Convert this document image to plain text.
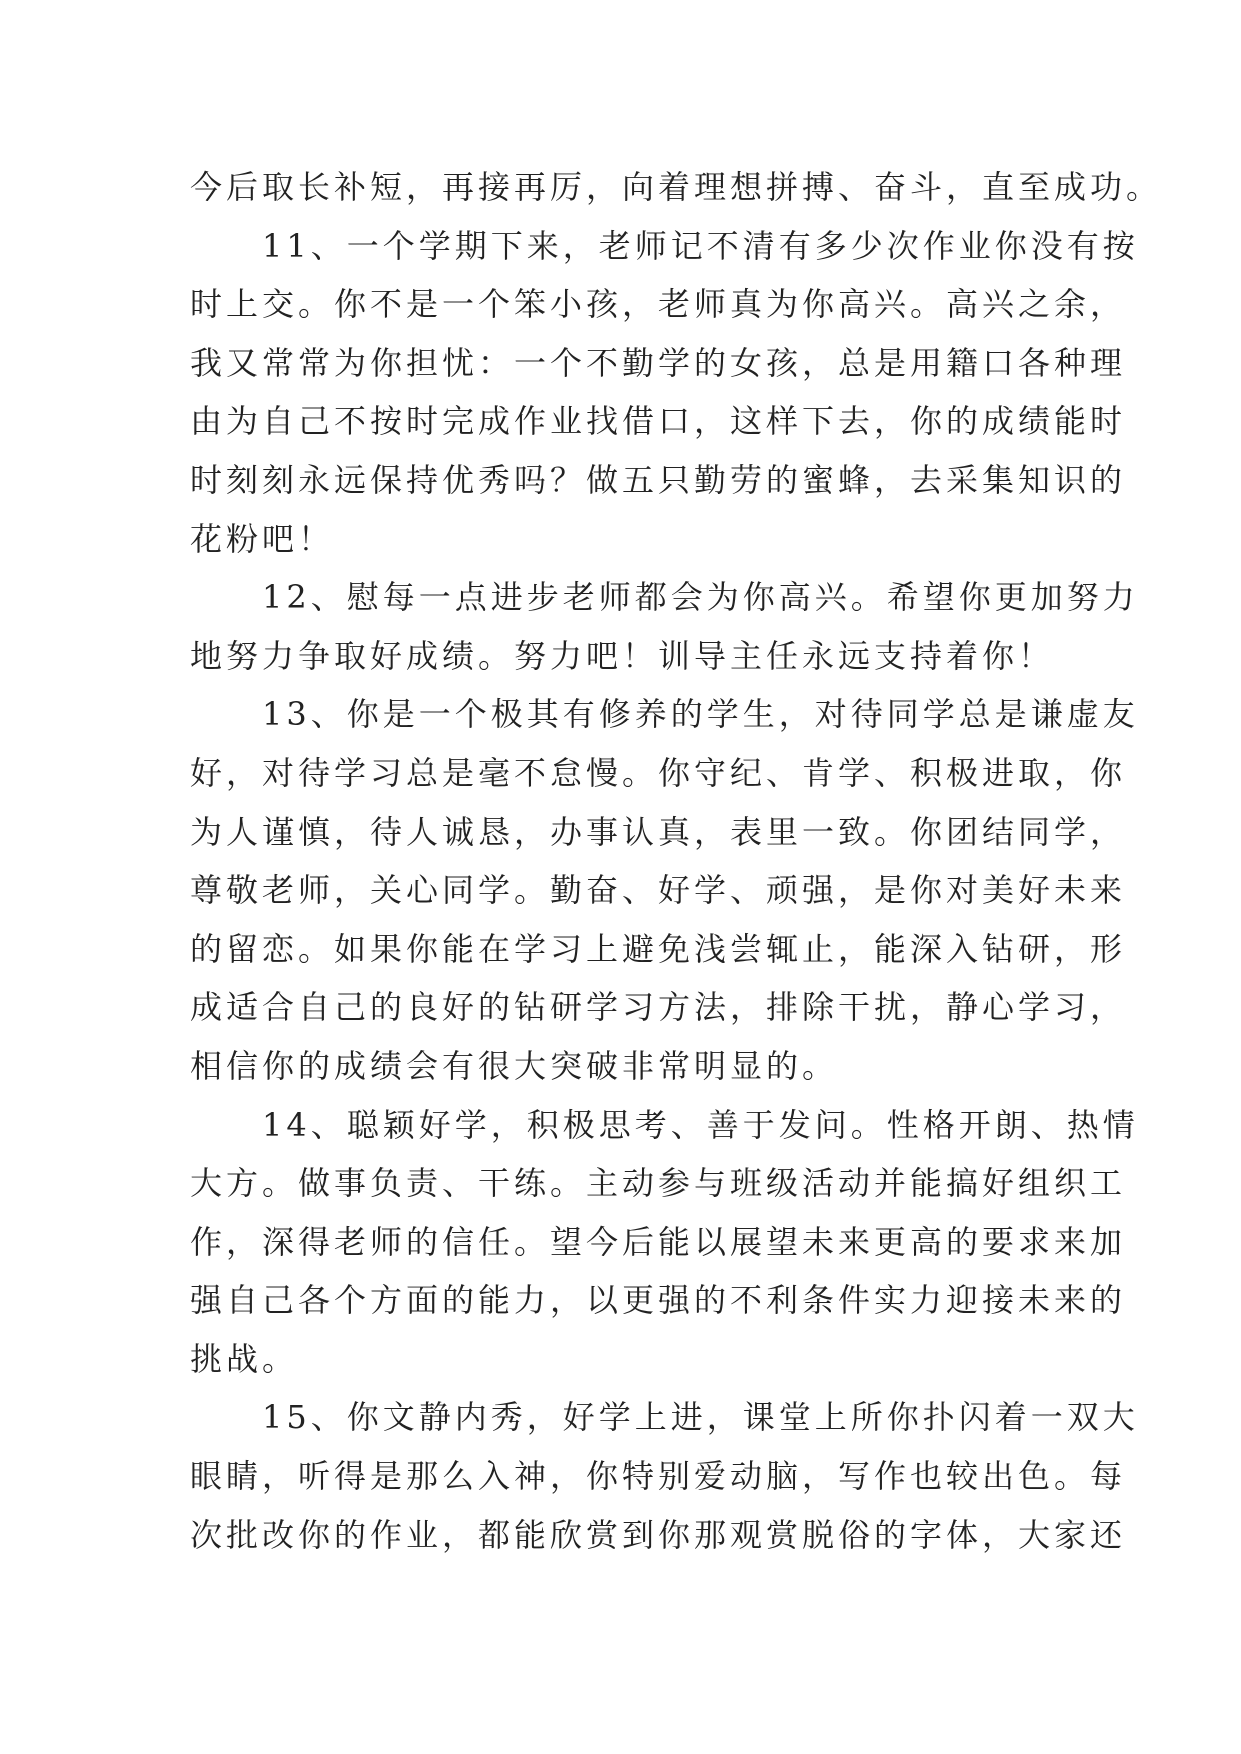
今后取长补短，再接再厉，向着理想拼搏、奋斗，直至成功。
　　11、一个学期下来，老师记不清有多少次作业你没有按
时上交。你不是一个笨小孩，老师真为你高兴。高兴之余，
我又常常为你担忧：一个不勤学的女孩，总是用籍口各种理
由为自己不按时完成作业找借口，这样下去，你的成绩能时
时刻刻永远保持优秀吗？做五只勤劳的蜜蜂，去采集知识的
花粉吧！
　　12、慰每一点进步老师都会为你高兴。希望你更加努力
地努力争取好成绩。努力吧！训导主任永远支持着你！
　　13、你是一个极其有修养的学生，对待同学总是谦虚友
好，对待学习总是毫不怠慢。你守纪、肯学、积极进取，你
为人谨慎，待人诚恳，办事认真，表里一致。你团结同学，
尊敬老师，关心同学。勤奋、好学、顽强，是你对美好未来
的留恋。如果你能在学习上避免浅尝辄止，能深入钻研，形
成适合自己的良好的钻研学习方法，排除干扰，静心学习，
相信你的成绩会有很大突破非常明显的。
　　14、聪颖好学，积极思考、善于发问。性格开朗、热情
大方。做事负责、干练。主动参与班级活动并能搞好组织工
作，深得老师的信任。望今后能以展望未来更高的要求来加
强自己各个方面的能力，以更强的不利条件实力迎接未来的
挑战。
　　15、你文静内秀，好学上进，课堂上所你扑闪着一双大
眼睛，听得是那么入神，你特别爱动脑，写作也较出色。每
次批改你的作业，都能欣赏到你那观赏脱俗的字体，大家还
